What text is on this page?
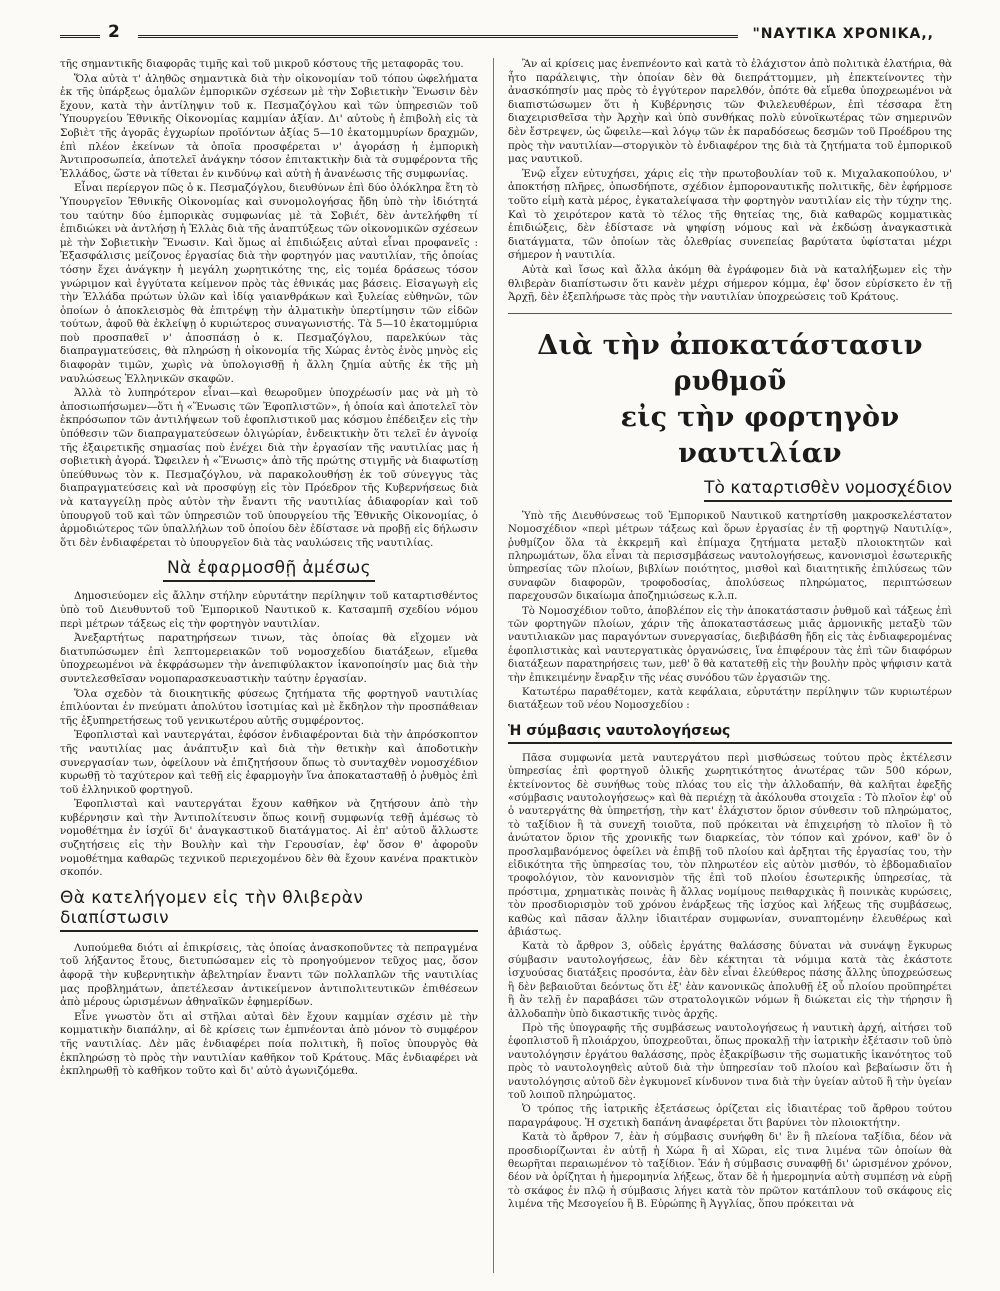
2	"ΝΑΥΤΙΚΑ ΧΡΟΝΙΚΑ,,

τῆς σημαντικῆς διαφορᾶς τιμῆς καὶ τοῦ μικροῦ κόστους τῆς μεταφορᾶς του.

Ὅλα αὐτὰ τ' ἀληθῶς σημαντικὰ διὰ τὴν οἰκονομίαν τοῦ τόπου ὠφελήματα ἐκ τῆς ὑπάρξεως ὁμαλῶν ἐμπορικῶν σχέσεων μὲ τὴν Σοβιετικὴν Ἕνωσιν δὲν ἔχουν, κατὰ τὴν ἀντίληψιν τοῦ κ. Πεσμαζόγλου καὶ τῶν ὑπηρεσιῶν τοῦ Ὑπουργείου Ἐθνικῆς Οἰκονομίας καμμίαν ἀξίαν. Δι' αὐτοὺς ἡ ἐπιβολὴ εἰς τὰ Σοβιὲτ τῆς ἀγορᾶς ἐγχωρίων προϊόντων ἀξίας 5—10 ἑκατομμυρίων δραχμῶν, ἐπὶ πλέον ἐκείνων τὰ ὁποῖα προσφέρεται ν' ἀγοράσῃ ἡ ἐμπορικὴ Ἀντιπροσωπεία, ἀποτελεῖ ἀνάγκην τόσον ἐπιτακτικὴν διὰ τὰ συμφέροντα τῆς Ἑλλάδος, ὥστε νὰ τίθεται ἐν κινδύνῳ καὶ αὐτὴ ἡ ἀνανέωσις τῆς συμφωνίας.

Εἶναι περίεργον πῶς ὁ κ. Πεσμαζόγλου, διευθύνων ἐπὶ δύο ὁλόκληρα ἔτη τὸ Ὑπουργεῖον Ἐθνικῆς Οἰκονομίας καὶ συνομολογήσας ἤδη ὑπὸ τὴν ἰδιότητά του ταύτην δύο ἐμπορικὰς συμφωνίας μὲ τὰ Σοβιέτ, δὲν ἀντελήφθη τί ἐπιδιώκει νὰ ἀντλήσῃ ἡ Ἑλλὰς διὰ τῆς ἀναπτύξεως τῶν οἰκονομικῶν σχέσεων μὲ τὴν Σοβιετικὴν Ἕνωσιν. Καὶ ὅμως αἱ ἐπιδιώξεις αὐταὶ εἶναι προφανεῖς : Ἐξασφάλισις μείζονος ἐργασίας διὰ τὴν φορτηγόν μας ναυτιλίαν, τῆς ὁποίας τόσην ἔχει ἀνάγκην ἡ μεγάλη χωρητικότης της, εἰς τομέα δράσεως τόσον γνώριμον καὶ ἐγγύτατα κείμενον πρὸς τὰς ἐθνικάς μας βάσεις. Εἰσαγωγὴ εἰς τὴν Ἑλλάδα πρώτων ὑλῶν καὶ ἰδίᾳ γαιανθράκων καὶ ξυλείας εὐθηνῶν, τῶν ὁποίων ὁ ἀποκλεισμὸς θὰ ἐπιτρέψῃ τὴν ἀλματικὴν ὑπερτίμησιν τῶν εἰδῶν τούτων, ἀφοῦ θὰ ἐκλείψῃ ὁ κυριώτερος συναγωνιστής. Τὰ 5—10 ἑκατομμύρια ποὺ προσπαθεῖ ν' ἀποσπάσῃ ὁ κ. Πεσμαζόγλου, παρελκύων τὰς διαπραγματεύσεις, θὰ πληρώσῃ ἡ οἰκονομία τῆς Χώρας ἐντὸς ἑνὸς μηνὸς εἰς διαφορὰν τιμῶν, χωρὶς νὰ ὑπολογισθῇ ἡ ἄλλη ζημία αὐτῆς ἐκ τῆς μὴ ναυλώσεως Ἑλληνικῶν σκαφῶν.

Ἀλλὰ τὸ λυπηρότερον εἶναι—καὶ θεωροῦμεν ὑποχρέωσίν μας νὰ μὴ τὸ ἀποσιωπήσωμεν—ὅτι ἡ «Ἕνωσις τῶν Ἐφοπλιστῶν», ἡ ὁποία καὶ ἀποτελεῖ τὸν ἐκπρόσωπον τῶν ἀντιλήψεων τοῦ ἐφοπλιστικοῦ μας κόσμου ἐπέδειξεν εἰς τὴν ὑπόθεσιν τῶν διαπραγματεύσεων ὀλιγώρίαν, ἐνδεικτικὴν ὅτι τελεῖ ἐν ἀγνοίᾳ τῆς ἐξαιρετικῆς σημασίας ποὺ ἐνέχει διὰ τὴν ἐργασίαν τῆς ναυτιλίας μας ἡ σοβιετικὴ ἀγορά. Ὤφειλεν ἡ «Ἕνωσις» ἀπὸ τῆς πρώτης στιγμῆς νὰ διαφωτίσῃ ὑπεύθυνως τὸν κ. Πεσμαζόγλου, νὰ παρακολουθήσῃ ἐκ τοῦ σύνεγγυς τὰς διαπραγματεύσεις καὶ νὰ προσφύγῃ εἰς τὸν Πρόεδρον τῆς Κυβερνήσεως διὰ νὰ καταγγείλῃ πρὸς αὐτὸν τὴν ἔναντι τῆς ναυτιλίας ἀδιαφορίαν καὶ τοῦ ὑπουργοῦ τοῦ καὶ τῶν ὑπηρεσιῶν τοῦ ὑπουργείου τῆς Ἐθνικῆς Οἰκονομίας, ὁ ἁρμοδιώτερος τῶν ὑπαλλήλων τοῦ ὁποίου δὲν ἐδίστασε νὰ προβῇ εἰς δήλωσιν ὅτι δὲν ἐνδιαφέρεται τὸ ὑπουργεῖον διὰ τὰς ναυλώσεις τῆς ναυτιλίας.

Νὰ ἐφαρμοσθῇ ἀμέσως

Δημοσιεύομεν εἰς ἄλλην στήλην εὐρυτάτην περίληψιν τοῦ καταρτισθέντος ὑπὸ τοῦ Διευθυντοῦ τοῦ Ἐμπορικοῦ Ναυτικοῦ κ. Κατσαμπῆ σχεδίου νόμου περὶ μέτρων τάξεως εἰς τὴν φορτηγὸν ναυτιλίαν.

Ἀνεξαρτήτως παρατηρήσεων τινων, τὰς ὁποίας θὰ εἴχομεν νὰ διατυπώσωμεν ἐπὶ λεπτομερειακῶν τοῦ νομοσχεδίου διατάξεων, εἴμεθα ὑποχρεωμένοι νὰ ἐκφράσωμεν τὴν ἀνεπιφύλακτον ἱκανοποίησίν μας διὰ τὴν συντελεσθεῖσαν νομοπαρασκευαστικὴν ταύτην ἐργασίαν.

Ὅλα σχεδὸν τὰ διοικητικῆς φύσεως ζητήματα τῆς φορτηγοῦ ναυτιλίας ἐπιλύονται ἐν πνεύματι ἀπολύτου ἰσοτιμίας καὶ μὲ ἔκδηλον τὴν προσπάθειαν τῆς ἐξυπηρετήσεως τοῦ γενικωτέρου αὐτῆς συμφέροντος.

Ἐφοπλισταὶ καὶ ναυτεργάται, ἐφόσον ἐνδιαφέρονται διὰ τὴν ἀπρόσκοπτον τῆς ναυτιλίας μας ἀνάπτυξιν καὶ διὰ τὴν θετικὴν καὶ ἀποδοτικὴν συνεργασίαν των, ὀφείλουν νὰ ἐπιζητήσουν ὅπως τὸ συνταχθὲν νομοσχέδιον κυρωθῇ τὸ ταχύτερον καὶ τεθῇ εἰς ἐφαρμογὴν ἵνα ἀποκατασταθῇ ὁ ῥυθμὸς ἐπὶ τοῦ ἑλληνικοῦ φορτηγοῦ.

Ἐφοπλισταὶ καὶ ναυτεργάται ἔχουν καθῆκον νὰ ζητήσουν ἀπὸ τὴν κυβέρνησιν καὶ τὴν Ἀντιπολίτευσιν ὅπως κοινῇ συμφωνίᾳ τεθῇ ἀμέσως τὸ νομοθέτημα ἐν ἰσχύϊ δι' ἀναγκαστικοῦ διατάγματος. Αἱ ἐπ' αὐτοῦ ἄλλωστε συζητήσεις εἰς τὴν Βουλὴν καὶ τὴν Γερουσίαν, ἐφ' ὅσον θ' ἀφοροῦν νομοθέτημα καθαρῶς τεχνικοῦ περιεχομένου δὲν θὰ ἔχουν κανένα πρακτικὸν σκοπόν.

Θὰ κατελήγομεν εἰς τὴν θλιβερὰν διαπίστωσιν

Λυπούμεθα διότι αἱ ἐπικρίσεις, τὰς ὁποίας ἀνασκοποῦντες τὰ πεπραγμένα τοῦ λήξαντος ἔτους, διετυπώσαμεν εἰς τὸ προηγούμενον τεῦχος μας, ὅσον ἀφορᾷ τὴν κυβερνητικὴν ἀβελτηρίαν ἔναντι τῶν πολλαπλῶν τῆς ναυτιλίας μας προβλημάτων, ἀπετέλεσαν ἀντικείμενον ἀντιπολιτευτικῶν ἐπιθέσεων ἀπὸ μέρους ὡρισμένων ἀθηναϊκῶν ἐφημερίδων.

Εἶνε γνωστὸν ὅτι αἱ στῆλαι αὐταὶ δὲν ἔχουν καμμίαν σχέσιν μὲ τὴν κομματικὴν διαπάλην, αἱ δὲ κρίσεις των ἐμπνέονται ἀπὸ μόνον τὸ συμφέρον τῆς ναυτιλίας. Δὲν μᾶς ἐνδιαφέρει ποία πολιτικὴ, ἢ ποῖος ὑπουργὸς θὰ ἐκπληρώσῃ τὸ πρὸς τὴν ναυτιλίαν καθῆκον τοῦ Κράτους. Μᾶς ἐνδιαφέρει νὰ ἐκπληρωθῇ τὸ καθῆκον τοῦτο καὶ δι' αὐτὸ ἀγωνιζόμεθα.

Ἂν αἱ κρίσεις μας ἐνεπνέοντο καὶ κατὰ τὸ ἐλάχιστον ἀπὸ πολιτικὰ ἐλατήρια, θὰ ἦτο παράλειψις, τὴν ὁποίαν δὲν θὰ διεπράττομμεν, μὴ ἐπεκτείνοντες τὴν ἀνασκόπησίν μας πρὸς τὸ ἐγγύτερον παρελθόν, ὁπότε θὰ εἴμεθα ὑποχρεωμένοι νὰ διαπιστώσωμεν ὅτι ἡ Κυβέρνησις τῶν Φιλελευθέρων, ἐπὶ τέσσαρα ἔτη διαχειρισθεῖσα τὴν Ἀρχὴν καὶ ὑπὸ συνθήκας πολὺ εὐνοϊκωτέρας τῶν σημερινῶν δὲν ἔστρεψεν, ὡς ὤφειλε—καὶ λόγῳ τῶν ἐκ παραδόσεως δεσμῶν τοῦ Προέδρου της πρὸς τὴν ναυτιλίαν—στοργικὸν τὸ ἐνδιαφέρον της διὰ τὰ ζητήματα τοῦ ἐμπορικοῦ μας ναυτικοῦ.

Ἐνῷ εἶχεν εὐτυχήσει, χάρις εἰς τὴν πρωτοβουλίαν τοῦ κ. Μιχαλακοπούλου, ν' ἀποκτήσῃ πλῆρες, ὁπωσδήποτε, σχέδιον ἐμποροναυτικῆς πολιτικῆς, δὲν ἐφήρμοσε τοῦτο εἰμὴ κατὰ μέρος, ἐγκαταλείψασα τὴν φορτηγὸν ναυτιλίαν εἰς τὴν τύχην της. Καὶ τὸ χειρότερον κατὰ τὸ τέλος τῆς θητείας της, διὰ καθαρῶς κομματικὰς ἐπιδιώξεις, δὲν ἐδίστασε νὰ ψηφίσῃ νόμους καὶ νὰ ἐκδώσῃ ἀναγκαστικὰ διατάγματα, τῶν ὁποίων τὰς ὀλεθρίας συνεπείας βαρύτατα ὑφίσταται μέχρι σήμερον ἡ ναυτιλία.

Αὐτὰ καὶ ἴσως καὶ ἄλλα ἀκόμη θὰ ἐγράφομεν διὰ νὰ καταλήξωμεν εἰς τὴν θλιβερὰν διαπίστωσιν ὅτι κανὲν μέχρι σήμερον κόμμα, ἐφ' ὅσον εὑρίσκετο ἐν τῇ Ἀρχῇ, δὲν ἐξεπλήρωσε τὰς πρὸς τὴν ναυτιλίαν ὑποχρεώσεις τοῦ Κράτους.

Διὰ τὴν ἀποκατάστασιν ρυθμοῦ
εἰς τὴν φορτηγὸν ναυτιλίαν
Τὸ καταρτισθὲν νομοσχέδιον

Ὑπὸ τῆς Διευθύνσεως τοῦ Ἐμπορικοῦ Ναυτικοῦ κατηρτίσθη μακροσκελέστατον Νομοσχέδιον «περὶ μέτρων τάξεως καὶ ὅρων ἐργασίας ἐν τῇ φορτηγῷ Ναυτιλίᾳ», ῥυθμίζον ὅλα τὰ ἐκκρεμῆ καὶ ἐπίμαχα ζητήματα μεταξὺ πλοιοκτητῶν καὶ πληρωμάτων, ὅλα εἶναι τὰ περισσμβάσεως ναυτολογήσεως, κανονισμοὶ ἐσωτερικῆς ὑπηρεσίας τῶν πλοίων, βιβλίων ποιότητος, μισθοὶ καὶ διαιτητικῆς ἐπιλύσεως τῶν συναφῶν διαφορῶν, τροφοδοσίας, ἀπολύσεως πληρώματος, περιπτώσεων παρεχουσῶν δικαίωμα ἀποζημιώσεως κ.λ.π.

Τὸ Νομοσχέδιον τοῦτο, ἀποβλέπον εἰς τὴν ἀποκατάστασιν ῥυθμοῦ καὶ τάξεως ἐπὶ τῶν φορτηγῶν πλοίων, χάριν τῆς ἀποκαταστάσεως μιᾶς ἁρμονικῆς μεταξὺ τῶν ναυτιλιακῶν μας παραγόντων συνεργασίας, διεβιβάσθη ἤδη εἰς τὰς ἐνδιαφερομένας ἐφοπλιστικὰς καὶ ναυτεργατικὰς ὀργανώσεις, ἵνα ἐπιφέρουν τὰς ἐπὶ τῶν διαφόρων διατάξεων παρατηρήσεις των, μεθ' ὃ θὰ κατατεθῇ εἰς τὴν βουλὴν πρὸς ψήφισιν κατὰ τὴν ἐπικειμένην ἔναρξιν τῆς νέας συνόδου τῶν ἐργασιῶν της.

Κατωτέρω παραθέτομεν, κατὰ κεφάλαια, εὐρυτάτην περίληψιν τῶν κυριωτέρων διατάξεων τοῦ νέου Νομοσχεδίου :

Ἡ σύμβασις ναυτολογήσεως

Πᾶσα συμφωνία μετὰ ναυτεργάτου περὶ μισθώσεως τούτου πρὸς ἐκτέλεσιν ὑπηρεσίας ἐπὶ φορτηγοῦ ὁλικῆς χωρητικότητος ἀνωτέρας τῶν 500 κόρων, ἐκτείνοντος δὲ συνήθως τοὺς πλόας του εἰς τὴν ἀλλοδαπήν, θὰ καλῆται ἐφεξῆς «σύμβασις ναυτολογήσεως» καὶ θὰ περιέχῃ τὰ ἀκόλουθα στοιχεῖα : Τὸ πλοῖον ἐφ' οὗ ὁ ναυτεργάτης θὰ ὑπηρετήσῃ, τὴν κατ' ἐλάχιστον ὅριον σύνθεσιν τοῦ πληρώματος, τὸ ταξίδιον ἢ τὰ συνεχῆ τοιοῦτα, ποῦ πρόκειται νὰ ἐπιχειρήσῃ τὸ πλοῖον ἢ τὸ ἀνώτατον ὅριον τῆς χρονικῆς των διαρκείας, τὸν τόπον καὶ χρόνον, καθ' ὃν ὁ προσλαμβανόμενος ὀφείλει νὰ ἐπιβῇ τοῦ πλοίου καὶ ἀρξηται τῆς ἐργασίας του, τὴν εἰδικότητα τῆς ὑπηρεσίας του, τὸν πληρωτέον εἰς αὐτὸν μισθόν, τὸ ἐβδομαδιαῖον τροφολόγιον, τὸν κανονισμὸν τῆς ἐπὶ τοῦ πλοίου ἐσωτερικῆς ὑπηρεσίας, τὰ πρόστιμα, χρηματικὰς ποινὰς ἢ ἄλλας νομίμους πειθαρχικὰς ἢ ποινικὰς κυρώσεις, τὸν προσδιορισμὸν τοῦ χρόνου ἐνάρξεως τῆς ἰσχύος καὶ λήξεως τῆς συμβάσεως, καθὼς καὶ πᾶσαν ἄλλην ἰδιαιτέραν συμφωνίαν, συναπτομένην ἐλευθέρως καὶ ἀβιάστως.

Κατὰ τὸ ἄρθρον 3, οὐδεὶς ἐργάτης θαλάσσης δύναται νὰ συνάψῃ ἔγκυρως σύμβασιν ναυτολογήσεως, ἐὰν δὲν κέκτηται τὰ νόμιμα κατὰ τὰς ἑκάστοτε ἰσχυούσας διατάξεις προσόντα, ἐὰν δὲν εἶναι ἐλεύθερος πάσης ἄλλης ὑποχρεώσεως ἢ δὲν βεβαιοῦται δεόντως ὅτι ἐξ' ἐὰν κανονικῶς ἀπολυθῇ ἐξ οὗ πλοίου προϋπηρέτει ἢ ἂν τελῇ ἐν παραβάσει τῶν στρατολογικῶν νόμων ἢ διώκεται εἰς τὴν τήρησιν ἢ ἀλλοδαπὴν ὑπὸ δικαστικῆς τινὸς ἀρχῆς.

Πρὸ τῆς ὑπογραφῆς τῆς συμβάσεως ναυτολογήσεως ἡ ναυτικὴ ἀρχή, αἰτήσει τοῦ ἐφοπλιστοῦ ἢ πλοιάρχου, ὑποχρεοῦται, ὅπως προκαλῇ τὴν ἰατρικὴν ἐξέτασιν τοῦ ὑπὸ ναυτολόγησιν ἐργάτου θαλάσσης, πρὸς ἐξακρίβωσιν τῆς σωματικῆς ἱκανότητος τοῦ πρὸς τὸ ναυτολογηθεὶς αὐτοῦ διὰ τὴν ὑπηρεσίαν τοῦ πλοίου καὶ βεβαίωσιν ὅτι ἡ ναυτολόγησις αὐτοῦ δὲν ἐγκυμονεῖ κίνδυνον τινα διὰ τὴν ὑγείαν αὐτοῦ ἢ τὴν ὑγείαν τοῦ λοιποῦ πληρώματος.

Ὁ τρόπος τῆς ἰατρικῆς ἐξετάσεως ὁρίζεται εἰς ἰδιαιτέρας τοῦ ἄρθρου τούτου παραγράφους. Ἡ σχετικὴ δαπάνη ἀναφέρεται ὅτι βαρύνει τὸν πλοιοκτήτην.

Κατὰ τὸ ἄρθρον 7, ἐὰν ἡ σύμβασις συνήφθη δι' ἓν ἢ πλείονα ταξίδια, δέον νὰ προσδιορίζωνται ἐν αὐτῇ ἡ Χώρα ἢ αἱ Χῶραι, εἰς τινα λιμένα τῶν ὁποίων θὰ θεωρῆται περαιωμένον τὸ ταξίδιον. Ἐάν ἡ σύμβασις συναφθῇ δι' ὡρισμένον χρόνον, δέον νὰ ὁρίζηται ἡ ἡμερομηνία λήξεως, ὅταν δὲ ἡ ἡμερομηνία αὐτὴ συμπέσῃ νὰ εὑρῇ τὸ σκάφος ἐν πλῷ ἡ σύμβασις λήγει κατὰ τὸν πρῶτον κατάπλουν τοῦ σκάφους εἰς λιμένα τῆς Μεσογείου ἢ Β. Εὐρώπης ἢ Ἀγγλίας, ὅπου πρόκειται νὰ
